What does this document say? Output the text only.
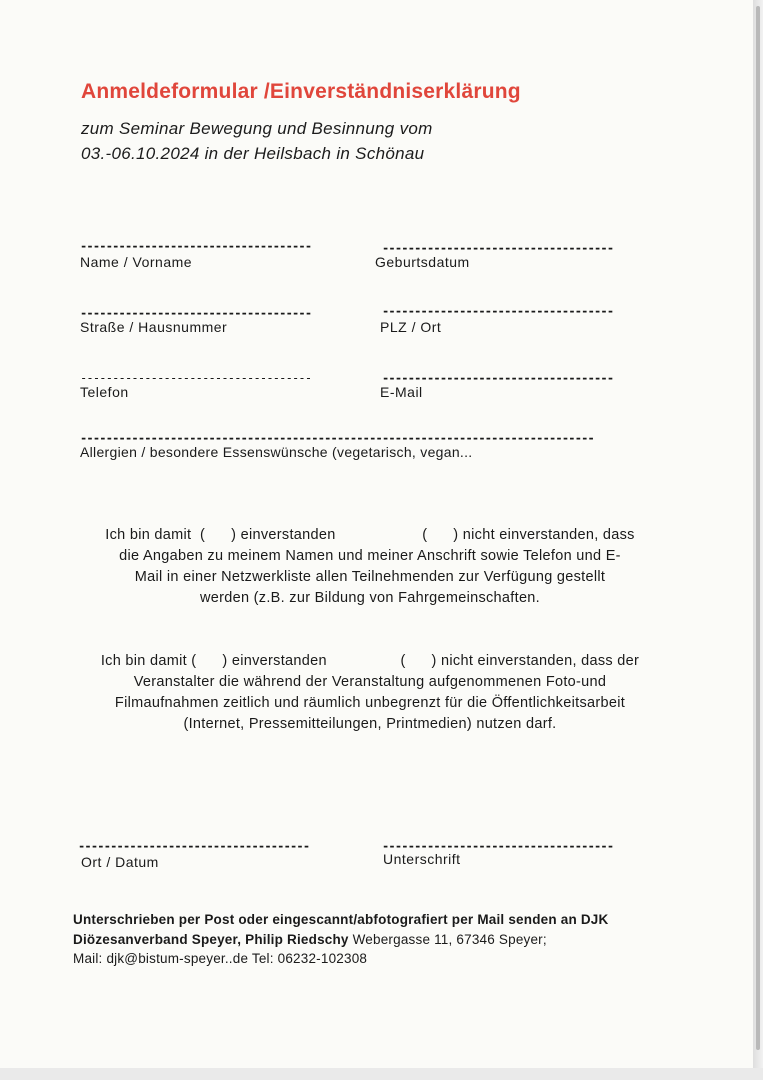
Anmeldeformular /Einverständniserklärung
zum Seminar Bewegung und Besinnung vom
03.-06.10.2024 in der Heilsbach in Schönau
------------------------------------
Name / Vorname
------------------------------------
Geburtsdatum
------------------------------------
Straße / Hausnummer
------------------------------------
PLZ / Ort
------------------------------------
Telefon
------------------------------------
E-Mail
--------------------------------------------------------------------------------
Allergien / besondere Essenswünsche (vegetarisch, vegan...
Ich bin damit (      ) einverstanden	(      ) nicht einverstanden, dass
die Angaben zu meinem Namen und meiner Anschrift sowie Telefon und E-
Mail in einer Netzwerkliste allen Teilnehmenden zur Verfügung gestellt
werden (z.B. zur Bildung von Fahrgemeinschaften.
Ich bin damit (      ) einverstanden	(      ) nicht einverstanden, dass der
Veranstalter die während der Veranstaltung aufgenommenen Foto-und
Filmaufnahmen zeitlich und räumlich unbegrenzt für die Öffentlichkeitsarbeit
(Internet, Pressemitteilungen, Printmedien) nutzen darf.
------------------------------------
Ort / Datum
------------------------------------
Unterschrift
Unterschrieben per Post oder eingescannt/abfotografiert per Mail senden an DJK
Diözesanverband Speyer, Philip Riedschy Webergasse 11, 67346 Speyer;
Mail: djk@bistum-speyer..de Tel: 06232-102308
